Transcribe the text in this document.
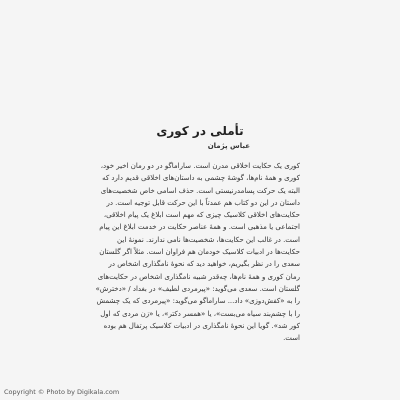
تأملی در کوری
عباس پژمان
کوری یک حکایت اخلاقی مدرن است. ساراماگو در دو رمان اخیر خود،
کوری و همهٔ نام‌ها، گوشهٔ چشمی به داستان‌های اخلاقی قدیم دارد که
البته یک حرکت پسامدرنیستی است. حذف اسامی خاص شخصیت‌های
داستان در این دو کتاب هم عمدتاً با این حرکت قابل توجیه است. در
حکایت‌های اخلاقی کلاسیک چیزی که مهم است ابلاغ یک پیام اخلاقی،
اجتماعی یا مذهبی است. و همهٔ عناصر حکایت در خدمت ابلاغ این پیام
است. در غالب این حکایت‌ها، شخصیت‌ها نامی ندارند. نمونهٔ این
حکایت‌ها در ادبیات کلاسیک خودمان هم فراوان است. مثلاً اگر گلستان
سعدی را در نظر بگیریم، خواهید دید که نحوهٔ نامگذاری اشخاص در
رمان کوری و همهٔ نام‌ها، چه‌قدر شبیه نامگذاری اشخاص در حکایت‌های
گلستان است. سعدی می‌گوید: «پیرمردی لطیف» در بغداد / «دخترش»
را به «کفش‌دوزی» داد... ساراماگو می‌گوید: «پیرمردی که یک چشمش
را با چشم‌بند سیاه می‌بست»، یا «همسر دکتر»، یا «زن مردی که اول
کور شد». گویا این نحوهٔ نامگذاری در ادبیات کلاسیک پرتفال هم بوده
است.
Copyright © Photo by Digikala.com
